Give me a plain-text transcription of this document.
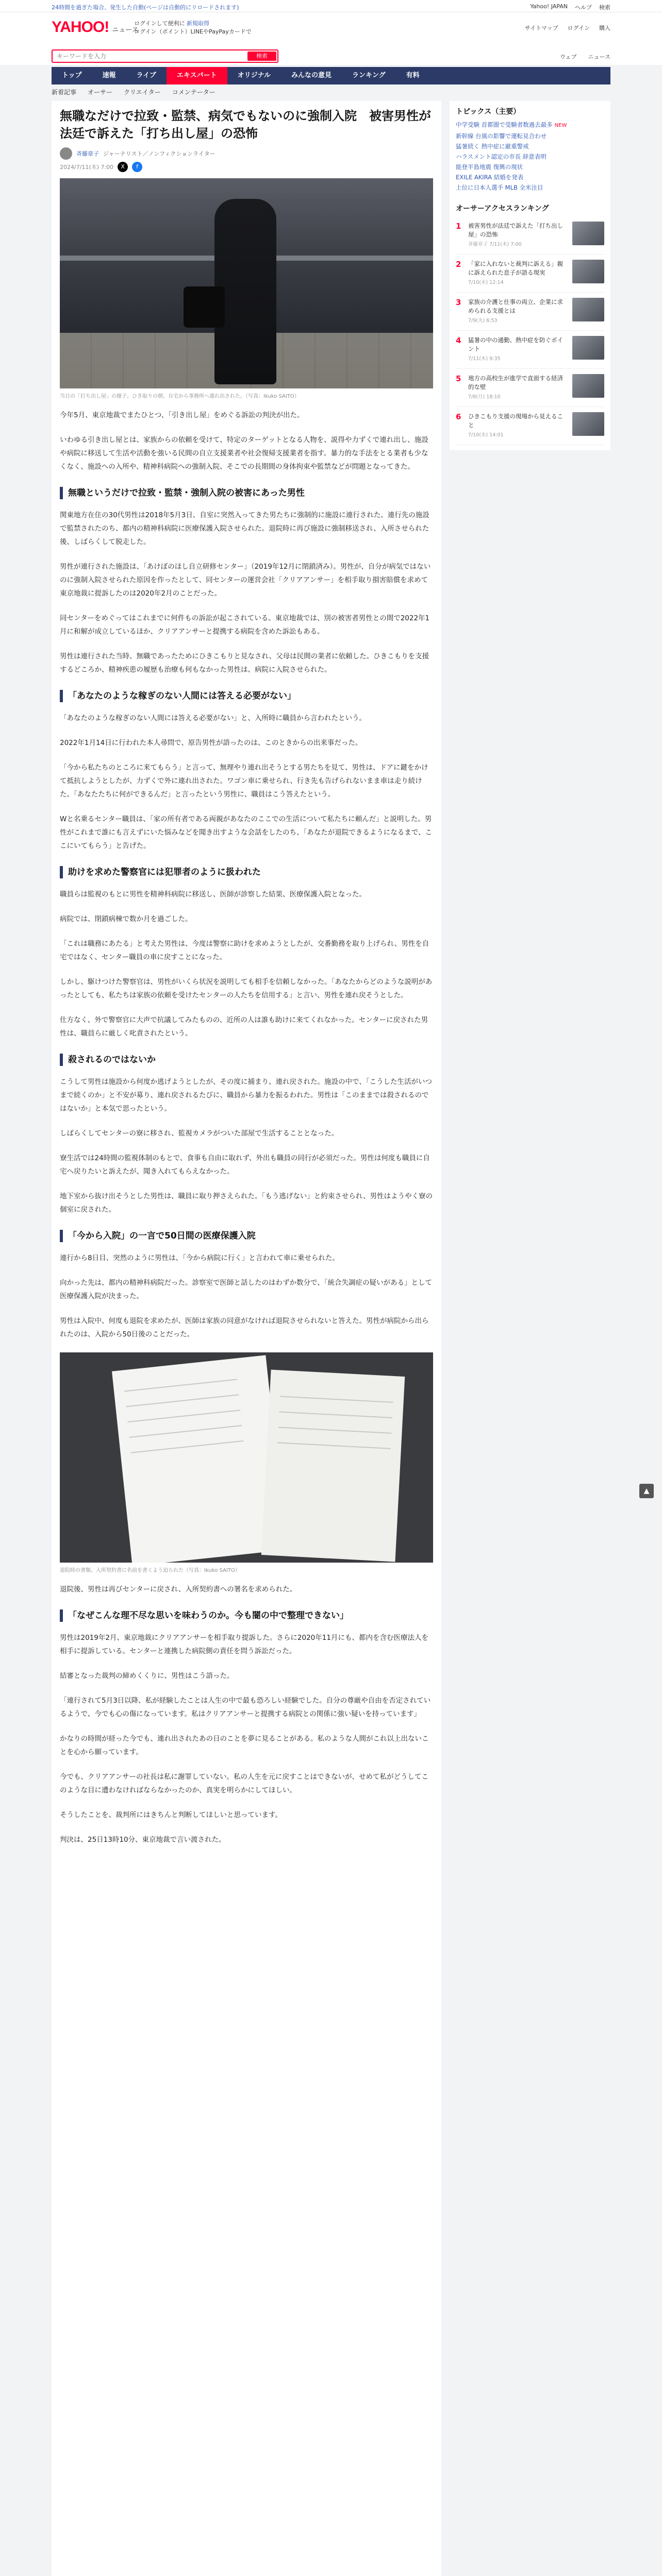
24時間を過ぎた場合、発生した自動(ページは自動的にリロードされます)	Yahoo! JAPAN ヘルプ 検索
YAHOO! ニュース
ログインして便利に 新規取得
ログイン（ポイント）LINEやPayPayカードで
サイトマップ ログイン 購入
キーワードを入力
検索	ウェブ ニュース
トップ	速報	ライブ	エキスパート	オリジナル	みんなの意見	ランキング	有料
新着記事 オーサー クリエイター コメンテーター
無職なだけで拉致・監禁、病気でもないのに強制入院　被害男性が法廷で訴えた「打ち出し屋」の恐怖
斉藤章子 ジャーナリスト／ノンフィクションライター
2024/7/11(木) 7:00	X	f
当日の「打ち出し屋」の様子。ひき取りの朝、自宅から事務所へ連れ出された。（写真：Ikuko SAITO）

今年5月、東京地裁でまたひとつ、「引き出し屋」をめぐる訴訟の判決が出た。

いわゆる引き出し屋とは、家族からの依頼を受けて、特定のターゲットとなる人物を、説得や力ずくで連れ出し、施設や病院に移送して生活や活動を強いる民間の自立支援業者や社会復帰支援業者を指す。暴力的な手法をとる業者も少なくなく、施設への入所や、精神科病院への強制入院、そこでの長期間の身体拘束や監禁などが問題となってきた。

無職というだけで拉致・監禁・強制入院の被害にあった男性

関東地方在住の30代男性は2018年5月3日、自室に突然入ってきた男たちに強制的に施設に連行された。連行先の施設で監禁されたのち、都内の精神科病院に医療保護入院させられた。退院時に再び施設に強制移送され、入所させられた後、しばらくして脱走した。

男性が連行された施設は、「あけぼのほし自立研修センター」（2019年12月に閉鎖済み）。男性が、自分が病気ではないのに強制入院させられた原因を作ったとして、同センターの運営会社「クリアアンサー」を相手取り損害賠償を求めて東京地裁に提訴したのは2020年2月のことだった。

同センターをめぐってはこれまでに何件もの訴訟が起こされている。東京地裁では、別の被害者男性との間で2022年1月に和解が成立しているほか、クリアアンサーと提携する病院を含めた訴訟もある。

男性は連行された当時、無職であったためにひきこもりと見なされ、父母は民間の業者に依頼した。ひきこもりを支援するどころか、精神疾患の履歴も治療も何もなかった男性は、病院に入院させられた。

「あなたのような稼ぎのない人間には答える必要がない」

「あなたのような稼ぎのない人間には答える必要がない」と、入所時に職員から言われたという。

2022年1月14日に行われた本人尋問で、原告男性が語ったのは、このときからの出来事だった。

「今から私たちのところに来てもらう」と言って、無理やり連れ出そうとする男たちを見て、男性は、ドアに鍵をかけて抵抗しようとしたが、力ずくで外に連れ出された。ワゴン車に乗せられ、行き先も告げられないまま車は走り続けた。「あなたたちに何ができるんだ」と言ったという男性に、職員はこう答えたという。

Wと名乗るセンター職員は、「家の所有者である両親があなたのここでの生活について私たちに頼んだ」と説明した。男性がこれまで誰にも言えずにいた悩みなどを聞き出すような会話をしたのち、「あなたが退院できるようになるまで、ここにいてもらう」と告げた。

助けを求めた警察官には犯罪者のように扱われた

職員らは監視のもとに男性を精神科病院に移送し、医師が診察した結果、医療保護入院となった。

病院では、閉鎖病棟で数か月を過ごした。

「これは職務にあたる」と考えた男性は、今度は警察に助けを求めようとしたが、交番勤務を取り上げられ、男性を自宅ではなく、センター職員の車に戻すことになった。

しかし、駆けつけた警察官は、男性がいくら状況を説明しても相手を信頼しなかった。「あなたからどのような説明があったとしても、私たちは家族の依頼を受けたセンターの人たちを信用する」と言い、男性を連れ戻そうとした。

仕方なく、外で警察官に大声で抗議してみたものの、近所の人は誰も助けに来てくれなかった。センターに戻された男性は、職員らに厳しく叱責されたという。

殺されるのではないか

こうして男性は施設から何度か逃げようとしたが、その度に捕まり、連れ戻された。施設の中で、「こうした生活がいつまで続くのか」と不安が募り、連れ戻されるたびに、職員から暴力を振るわれた。男性は「このままでは殺されるのではないか」と本気で思ったという。

しばらくしてセンターの寮に移され、監視カメラがついた部屋で生活することとなった。

寮生活では24時間の監視体制のもとで、食事も自由に取れず、外出も職員の同行が必須だった。男性は何度も職員に自宅へ戻りたいと訴えたが、聞き入れてもらえなかった。

地下室から抜け出そうとした男性は、職員に取り押さえられた。「もう逃げない」と約束させられ、男性はようやく寮の個室に戻された。

「今から入院」の一言で50日間の医療保護入院

連行から8日目、突然のように男性は、「今から病院に行く」と言われて車に乗せられた。

向かった先は、都内の精神科病院だった。診察室で医師と話したのはわずか数分で、「統合失調症の疑いがある」として医療保護入院が決まった。

男性は入院中、何度も退院を求めたが、医師は家族の同意がなければ退院させられないと答えた。男性が病院から出られたのは、入院から50日後のことだった。

退院時の書類。入所契約書に名前を書くよう迫られた（写真：Ikuko SAITO）

退院後、男性は再びセンターに戻され、入所契約書への署名を求められた。

「なぜこんな理不尽な思いを味わうのか。今も闇の中で整理できない」

男性は2019年2月、東京地裁にクリアアンサーを相手取り提訴した。さらに2020年11月にも、都内を含む医療法人を相手に提訴している。センターと連携した病院側の責任を問う訴訟だった。

結審となった裁判の締めくくりに、男性はこう語った。

「連行されて5月3日以降、私が経験したことは人生の中で最も恐ろしい経験でした。自分の尊厳や自由を否定されているようで、今でも心の傷になっています。私はクリアアンサーと提携する病院との関係に強い疑いを持っています」

かなりの時間が経った今でも、連れ出されたあの日のことを夢に見ることがある。私のような人間がこれ以上出ないことを心から願っています。

今でも、クリアアンサーの社長は私に謝罪していない。私の人生を元に戻すことはできないが、せめて私がどうしてこのような目に遭わなければならなかったのか、真実を明らかにしてほしい。

そうしたことを、裁判所にはきちんと判断してほしいと思っています。

判決は、25日13時10分、東京地裁で言い渡された。

トピックス（主要）
中学受験 首都圏で受験者数過去最多 NEW
新幹線 台風の影響で運転見合わせ
猛暑続く 熱中症に厳重警戒
ハラスメント認定の市長 辞意表明
能登半島地震 復興の現状
EXILE AKIRA 結婚を発表
上位に日本人選手 MLB 全米注目
オーサーアクセスランキング
1	被害男性が法廷で訴えた「打ち出し屋」の恐怖
斉藤章子 7/11(木) 7:00
2	「家に入れないと裁判に訴える」親に訴えられた息子が語る現実
7/10(水) 12:14
3	家族の介護と仕事の両立、企業に求められる支援とは
7/9(火) 6:53
4	猛暑の中の通勤、熱中症を防ぐポイント
7/11(木) 9:35
5	地方の高校生が進学で直面する経済的な壁
7/8(月) 18:10
6	ひきこもり支援の現場から見えること
7/10(水) 14:01
▲
